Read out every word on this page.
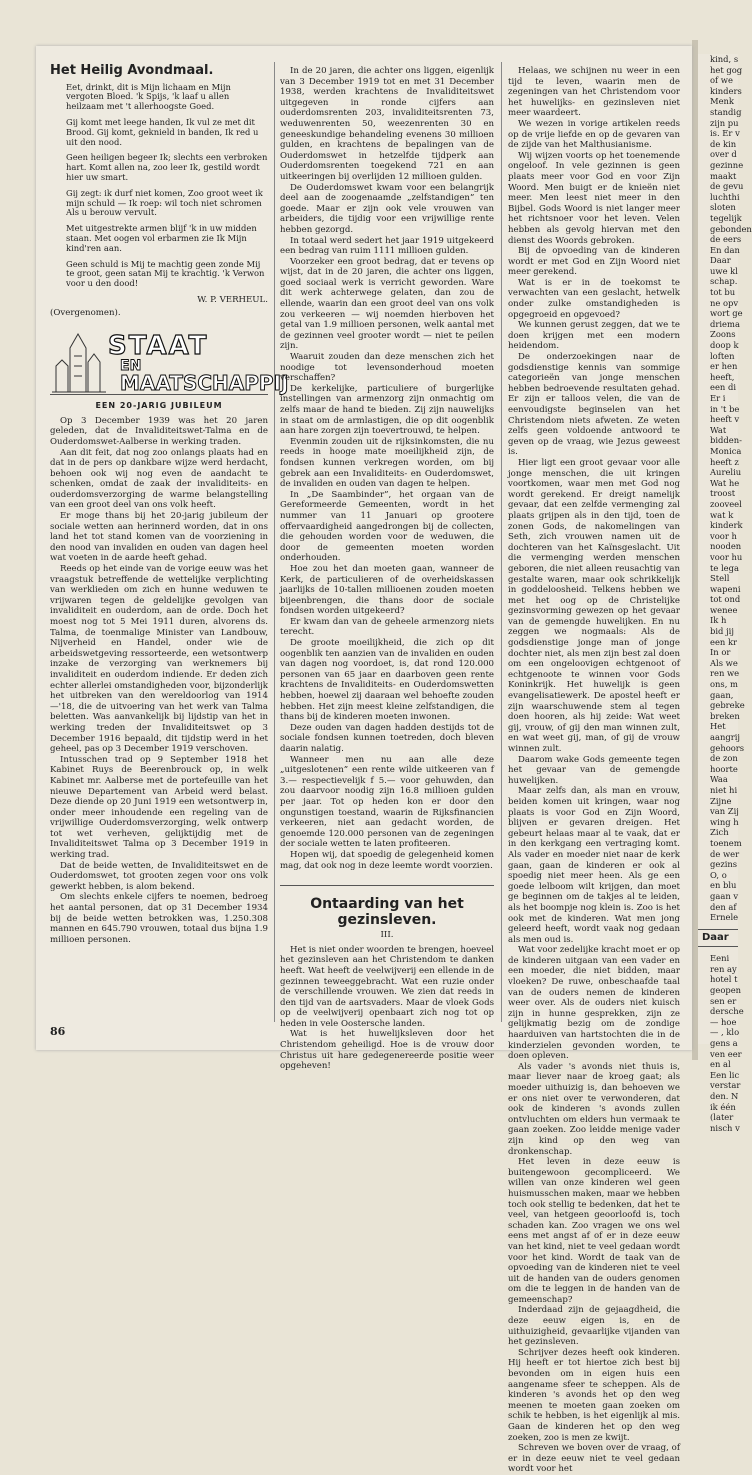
Het Heilig Avondmaal.

Eet, drinkt, dit is Mijn lichaam en Mijn vergoten Bloed. 'k Spijs, 'k laaf u allen heilzaam met 't allerhoogste Goed.

Gij komt met leege handen, Ik vul ze met dit Brood. Gij komt, geknield in banden, Ik red u uit den nood.

Geen heiligen begeer Ik; slechts een verbroken hart. Komt allen na, zoo leer Ik, gestild wordt hier uw smart.

Gij zegt: ik durf niet komen, Zoo groot weet ik mijn schuld — Ik roep: wil toch niet schromen Als u berouw vervult.

Met uitgestrekte armen blijf 'k in uw midden staan. Met oogen vol erbarmen zie Ik Mijn kind'ren aan.

Geen schuld is Mij te machtig geen zonde Mij te groot, geen satan Mij te krachtig. 'k Verwon voor u den dood!

W. P. VERHEUL.
(Overgenomen).
STAAT
EN
MAATSCHAPPIJ
EEN 20-JARIG JUBILEUM

Op 3 December 1939 was het 20 jaren geleden, dat de Invaliditeitswet-Talma en de Ouderdomswet-Aalberse in werking traden.

Aan dit feit, dat nog zoo onlangs plaats had en dat in de pers op dankbare wijze werd herdacht, behoen ook wij nog even de aandacht te schenken, omdat de zaak der invaliditeits- en ouderdomsverzorging de warme belangstelling van een groot deel van ons volk heeft.

Er moge thans bij het 20-jarig jubileum der sociale wetten aan herinnerd worden, dat in ons land het tot stand komen van de voorziening in den nood van invaliden en ouden van dagen heel wat voeten in de aarde heeft gehad.

Reeds op het einde van de vorige eeuw was het vraagstuk betreffende de wettelijke verplichting van werklieden om zich en hunne weduwen te vrijwaren tegen de geldelijke gevolgen van invaliditeit en ouderdom, aan de orde. Doch het moest nog tot 5 Mei 1911 duren, alvorens ds. Talma, de toenmalige Minister van Landbouw, Nijverheid en Handel, onder wie de arbeidswetgeving ressorteerde, een wetsontwerp inzake de verzorging van werknemers bij invaliditeit en ouderdom indiende. Er deden zich echter allerlei omstandigheden voor, bijzonderlijk het uitbreken van den wereldoorlog van 1914—'18, die de uitvoering van het werk van Talma beletten. Was aanvankelijk bij lijdstip van het in werking treden der Invaliditeitswet op 3 December 1916 bepaald, dit tijdstip werd in het geheel, pas op 3 December 1919 verschoven.

Intusschen trad op 9 September 1918 het Kabinet Ruys de Beerenbrouck op, in welk Kabinet mr. Aalberse met de portefeuille van het nieuwe Departement van Arbeid werd belast. Deze diende op 20 Juni 1919 een wetsontwerp in, onder meer inhoudende een regeling van de vrijwillige Ouderdomsverzorging, welk ontwerp tot wet verheven, gelijktijdig met de Invaliditeitswet Talma op 3 December 1919 in werking trad.

Dat de beide wetten, de Invaliditeitswet en de Ouderdomswet, tot grooten zegen voor ons volk gewerkt hebben, is alom bekend.

Om slechts enkele cijfers te noemen, bedroeg het aantal personen, dat op 31 December 1934 bij de beide wetten betrokken was, 1.250.308 mannen en 645.790 vrouwen, totaal dus bijna 1.9 millioen personen.

In de 20 jaren, die achter ons liggen, eigenlijk van 3 December 1919 tot en met 31 December 1938, werden krachtens de Invaliditeitswet uitgegeven in ronde cijfers aan ouderdomsrenten 203, invaliditeitsrenten 73, weduwenrenten 50, weezenrenten 30 en geneeskundige behandeling evenens 30 millioen gulden, en krachtens de bepalingen van de Ouderdomswet in hetzelfde tijdperk aan Ouderdomsrenten toegekend 721 en aan uitkeeringen bij overlijden 12 millioen gulden.

De Ouderdomswet kwam voor een belangrijk deel aan de zoogenaamde „zelfstandigen” ten goede. Maar er zijn ook vele vrouwen van arbeiders, die tijdig voor een vrijwillige rente hebben gezorgd.

In totaal werd sedert het jaar 1919 uitgekeerd een bedrag van ruim 1111 millioen gulden.

Voorzeker een groot bedrag, dat er tevens op wijst, dat in de 20 jaren, die achter ons liggen, goed sociaal werk is verricht geworden. Ware dit werk achterwege gelaten, dan zou de ellende, waarin dan een groot deel van ons volk zou verkeeren — wij noemden hierboven het getal van 1.9 millioen personen, welk aantal met de gezinnen veel grooter wordt — niet te peilen zijn.

Waaruit zouden dan deze menschen zich het noodige tot levensonderhoud moeten verschaffen?

De kerkelijke, particuliere of burgerlijke instellingen van armenzorg zijn onmachtig om zelfs maar de hand te bieden. Zij zijn nauwelijks in staat om de armlastigen, die op dit oogenblik aan hare zorgen zijn toevertrouwd, te helpen.

Evenmin zouden uit de rijksinkomsten, die nu reeds in hooge mate moeilijkheid zijn, de fondsen kunnen verkregen worden, om bij gebrek aan een Invaliditeits- en Ouderdomswet, de invaliden en ouden van dagen te helpen.

In „De Saambinder”, het orgaan van de Gereformeerde Gemeenten, wordt in het nummer van 11 Januari op grootere offervaardigheid aangedrongen bij de collecten, die gehouden worden voor de weduwen, die door de gemeenten moeten worden onderhouden.

Hoe zou het dan moeten gaan, wanneer de Kerk, de particulieren of de overheidskassen jaarlijks de 10-tallen millioenen zouden moeten bijeenbrengen, die thans door de sociale fondsen worden uitgekeerd?

Er kwam dan van de geheele armenzorg niets terecht.

De groote moeilijkheid, die zich op dit oogenblik ten aanzien van de invaliden en ouden van dagen nog voordoet, is, dat rond 120.000 personen van 65 jaar en daarboven geen rente krachtens de Invaliditeits- en Ouderdomswetten hebben, hoewel zij daaraan wel behoefte zouden hebben. Het zijn meest kleine zelfstandigen, die thans bij de kinderen moeten inwonen.

Deze ouden van dagen hadden destijds tot de sociale fondsen kunnen toetreden, doch bleven daarin nalatig.

Wanneer men nu aan alle deze „uitgeslotenen” een rente wilde uitkeeren van f 3.— respectievelijk f 5.— voor gehuwden, dan zou daarvoor noodig zijn 16.8 millioen gulden per jaar. Tot op heden kon er door den ongunstigen toestand, waarin de Rijksfinancien verkeeren, niet aan gedacht worden, de genoemde 120.000 personen van de zegeningen der sociale wetten te laten profiteeren.

Hopen wij, dat spoedig de gelegenheid komen mag, dat ook nog in deze leemte wordt voorzien.

Ontaarding van het gezinsleven.
III.

Het is niet onder woorden te brengen, hoeveel het gezinsleven aan het Christendom te danken heeft. Wat heeft de veelwijverij een ellende in de gezinnen teweeggebracht. Wat een ruzie onder de verschillende vrouwen. We zien dat reeds in den tijd van de aartsvaders. Maar de vloek Gods op de veelwijverij openbaart zich nog tot op heden in vele Oostersche landen.

Wat is het huwelijksleven door het Christendom geheiligd. Hoe is de vrouw door Christus uit hare gedegenereerde positie weer opgeheven!

Helaas, we schijnen nu weer in een tijd te leven, waarin men de zegeningen van het Christendom voor het huwelijks- en gezinsleven niet meer waardeert.

We wezen in vorige artikelen reeds op de vrije liefde en op de gevaren van de zijde van het Malthusianisme.

Wij wijzen voorts op het toenemende ongeloof. In vele gezinnen is geen plaats meer voor God en voor Zijn Woord. Men buigt er de knieën niet meer. Men leest niet meer in den Bijbel. Gods Woord is niet langer meer het richtsnoer voor het leven. Velen hebben als gevolg hiervan met den dienst des Woords gebroken.

Bij de opvoeding van de kinderen wordt er met God en Zijn Woord niet meer gerekend.

Wat is er in de toekomst te verwachten van een geslacht, hetwelk onder zulke omstandigheden is opgegroeid en opgevoed?

We kunnen gerust zeggen, dat we te doen krijgen met een modern heidendom.

De onderzoekingen naar de godsdienstige kennis van sommige categorieën van jonge menschen hebben bedroevende resultaten gehad. Er zijn er talloos velen, die van de eenvoudigste beginselen van het Christendom niets afweten. Ze weten zelfs geen voldoende antwoord te geven op de vraag, wie Jezus geweest is.

Hier ligt een groot gevaar voor alle jonge menschen, die uit kringen voortkomen, waar men met God nog wordt gerekend. Er dreigt namelijk gevaar, dat een zelfde vermenging zal plaats grijpen als in den tijd, toen de zonen Gods, de nakomelingen van Seth, zich vrouwen namen uit de dochteren van het Kaïnsgeslacht. Uit die vermenging werden menschen geboren, die niet alleen reusachtig van gestalte waren, maar ook schrikkelijk in goddeloosheid. Telkens hebben we met het oog op de Christelijke gezinsvorming gewezen op het gevaar van de gemengde huwelijken. En nu zeggen we nogmaals: Als de godsdienstige jonge man of jonge dochter niet, als men zijn best zal doen om een ongeloovigen echtgenoot of echtgenoote te winnen voor Gods Koninkrijk. Het huwelijk is geen evangelisatiewerk. De apostel heeft er zijn waarschuwende stem al tegen doen hooren, als hij zeide: Wat weet gij, vrouw, of gij den man winnen zult, en wat weet gij, man, of gij de vrouw winnen zult.

Daarom wake Gods gemeente tegen het gevaar van de gemengde huwelijken.

Maar zelfs dan, als man en vrouw, beiden komen uit kringen, waar nog plaats is voor God en Zijn Woord, blijven er gevaren dreigen. Het gebeurt helaas maar al te vaak, dat er in den kerkgang een vertraging komt. Als vader en moeder niet naar de kerk gaan, gaan de kinderen er ook al spoedig niet meer heen. Als ge een goede lelboom wilt krijgen, dan moet ge beginnen om de takjes al te leiden, als het boompje nog klein is. Zoo is het ook met de kinderen. Wat men jong geleerd heeft, wordt vaak nog gedaan als men oud is.

Wat voor zedelijke kracht moet er op de kinderen uitgaan van een vader en een moeder, die niet bidden, maar vloeken? De ruwe, onbeschaafde taal van de ouders nemen de kinderen weer over. Als de ouders niet kuisch zijn in hunne gesprekken, zijn ze gelijkmatig bezig om de zondige haarduiven van hartstochten die in de kinderzielen gevonden worden, te doen opleven.

Als vader 's avonds niet thuis is, maar liever naar de kroeg gaat; als moeder uithuizig is, dan behoeven we er ons niet over te verwonderen, dat ook de kinderen 's avonds zullen ontvluchten om elders hun vermaak te gaan zoeken. Zoo leidde menige vader zijn kind op den weg van dronkenschap.

Het leven in deze eeuw is buitengewoon gecompliceerd. We willen van onze kinderen wel geen huismusschen maken, maar we hebben toch ook stellig te bedenken, dat het te veel, van hetgeen geoorloofd is, toch schaden kan. Zoo vragen we ons wel eens met angst af of er in deze eeuw van het kind, niet te veel gedaan wordt voor het kind. Wordt de taak van de opvoeding van de kinderen niet te veel uit de handen van de ouders genomen om die te leggen in de handen van de gemeenschap?

Inderdaad zijn de gejaagdheid, die deze eeuw eigen is, en de uithuizigheid, gevaarlijke vijanden van het gezinsleven.

Schrijver dezes heeft ook kinderen. Hij heeft er tot hiertoe zich best bij bevonden om in eigen huis een aangename sfeer te scheppen. Als de kinderen 's avonds het op den weg meenen te moeten gaan zoeken om schik te hebben, is het eigenlijk al mis. Gaan de kinderen het op den weg zoeken, zoo is men ze kwijt.

Schreven we boven over de vraag, of er in deze eeuw niet te veel gedaan wordt voor het

86
kind, s
het gog
of we
kinders
Menk
standig
zijn pu
is. Er v
de kin
over d
gezinne
maakt
de gevu
luchthi
sloten
tegelijk
gebonden
de eers
En dan
Daar
uwe kl
schap.
tot bu
ne opv
wort ge
driema
Zoons
doop k
loften
er hen
heeft,
een di
Er i
in 't be
heeft v
Wat
bidden-
Monica
heeft z
Aureliu
Wat he
troost
zooveel
wat k
kinderk
voor h
nooden
voor hu
te lega
Stell
wapeni
tot ond
wenee
Ik h
bid jij
een kr
In or
Als we
ren we
ons, m
gaan,
gebreke
breken
Het
aangrij
gehoors
de zon
hoorte
Waa
niet hi
Zijne
van Zij
wing h
Zich
toenem
de wer
gezins
O, o
en blu
gaan v
den af
Ernele
Daar
Eeni
ren ay
hotel t
geopen
sen er
dersche
— hoe
— , klo
gens a
ven eer
en al
Een lic
verstar
den. N
ik één
(later
nisch v
